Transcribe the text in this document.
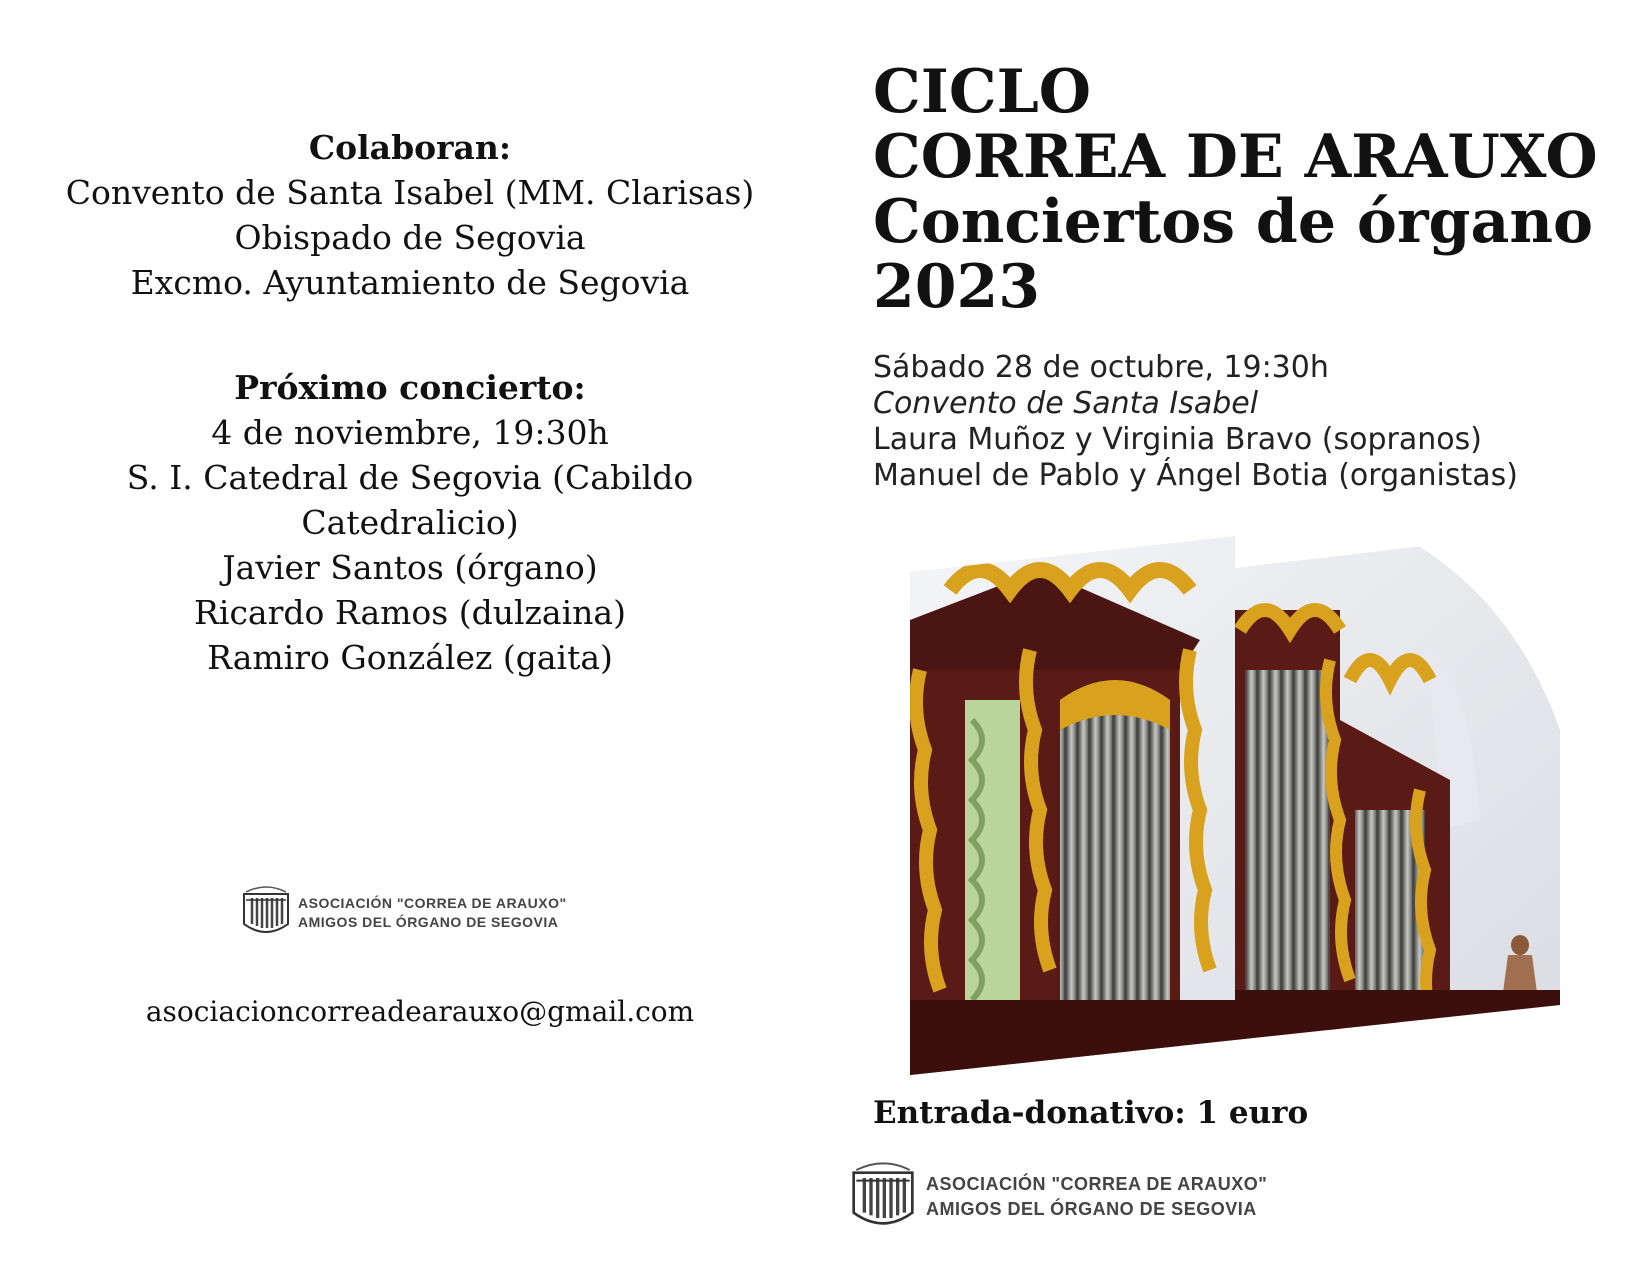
Colaboran:

Convento de Santa Isabel (MM. Clarisas)

Obispado de Segovia

Excmo. Ayuntamiento de Segovia

Próximo concierto:

4 de noviembre, 19:30h

S. I. Catedral de Segovia (Cabildo Catedralicio)

Javier Santos (órgano)

Ricardo Ramos (dulzaina)

Ramiro González (gaita)

ASOCIACIÓN "CORREA DE ARAUXO"
AMIGOS DEL ÓRGANO DE SEGOVIA
asociacioncorreadearauxo@gmail.com
CICLO
CORREA DE ARAUXO
Conciertos de órgano
2023
Sábado 28 de octubre, 19:30h
Convento de Santa Isabel
Laura Muñoz y Virginia Bravo (sopranos)
Manuel de Pablo y Ángel Botia (organistas)
Entrada-donativo: 1 euro
ASOCIACIÓN "CORREA DE ARAUXO"
AMIGOS DEL ÓRGANO DE SEGOVIA
